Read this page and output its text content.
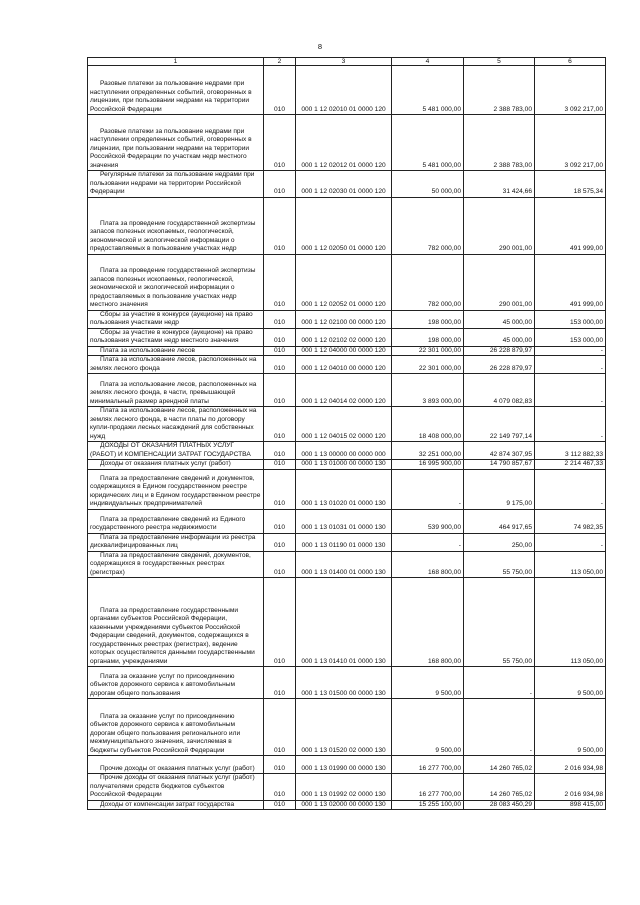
8
1	2	3	4	5	6
Разовые платежи за пользование недрами при наступлении определенных событий, оговоренных в лицензии, при пользовании недрами на территории Российской Федерации	010	000 1 12 02010 01 0000 120	5 481 000,00	2 388 783,00	3 092 217,00
Разовые платежи за пользование недрами при наступлении определенных событий, оговоренных в лицензии, при пользовании недрами на территории Российской Федерации по участкам недр местного значения	010	000 1 12 02012 01 0000 120	5 481 000,00	2 388 783,00	3 092 217,00
Регулярные платежи за пользование недрами при пользовании недрами на территории Российской Федерации	010	000 1 12 02030 01 0000 120	50 000,00	31 424,66	18 575,34
Плата за проведение государственной экспертизы запасов полезных ископаемых, геологической, экономической и экологической информации о предоставляемых в пользование участках недр	010	000 1 12 02050 01 0000 120	782 000,00	290 001,00	491 999,00
Плата за проведение государственной экспертизы запасов полезных ископаемых, геологической, экономической и экологической информации о предоставляемых в пользование участках недр местного значения	010	000 1 12 02052 01 0000 120	782 000,00	290 001,00	491 999,00
Сборы за участие в конкурсе (аукционе) на право пользования участками недр	010	000 1 12 02100 00 0000 120	198 000,00	45 000,00	153 000,00
Сборы за участие в конкурсе (аукционе) на право пользования участками недр местного значения	010	000 1 12 02102 02 0000 120	198 000,00	45 000,00	153 000,00
Плата за использование лесов	010	000 1 12 04000 00 0000 120	22 301 000,00	26 228 879,97	-
Плата за использование лесов, расположенных на землях лесного фонда	010	000 1 12 04010 00 0000 120	22 301 000,00	26 228 879,97	-
Плата за использование лесов, расположенных на землях лесного фонда, в части, превышающей минимальный размер арендной платы	010	000 1 12 04014 02 0000 120	3 893 000,00	4 079 082,83	-
Плата за использование лесов, расположенных на землях лесного фонда, в части платы по договору купли-продажи лесных насаждений для собственных нужд	010	000 1 12 04015 02 0000 120	18 408 000,00	22 149 797,14	-
ДОХОДЫ ОТ ОКАЗАНИЯ ПЛАТНЫХ УСЛУГ (РАБОТ) И КОМПЕНСАЦИИ ЗАТРАТ ГОСУДАРСТВА	010	000 1 13 00000 00 0000 000	32 251 000,00	42 874 307,95	3 112 882,33
Доходы от оказания платных услуг (работ)	010	000 1 13 01000 00 0000 130	16 995 900,00	14 790 857,67	2 214 467,33
Плата за предоставление сведений и документов, содержащихся в Едином государственном реестре юридических лиц и в Едином государственном реестре индивидуальных предпринимателей	010	000 1 13 01020 01 0000 130	-	9 175,00	-
Плата за предоставление сведений из Единого государственного реестра недвижимости	010	000 1 13 01031 01 0000 130	539 900,00	464 917,65	74 982,35
Плата за предоставление информации из реестра дисквалифицированных лиц	010	000 1 13 01190 01 0000 130	-	250,00	-
Плата за предоставление сведений, документов, содержащихся в государственных реестрах (регистрах)	010	000 1 13 01400 01 0000 130	168 800,00	55 750,00	113 050,00
Плата за предоставление государственными органами субъектов Российской Федерации, казенными учреждениями субъектов Российской Федерации сведений, документов, содержащихся в государственных реестрах (регистрах), ведение которых осуществляется данными государственными органами, учреждениями	010	000 1 13 01410 01 0000 130	168 800,00	55 750,00	113 050,00
Плата за оказание услуг по присоединению объектов дорожного сервиса к автомобильным дорогам общего пользования	010	000 1 13 01500 00 0000 130	9 500,00	-	9 500,00
Плата за оказание услуг по присоединению объектов дорожного сервиса к автомобильным дорогам общего пользования регионального или межмуниципального значения, зачисляемая в бюджеты субъектов Российской Федерации	010	000 1 13 01520 02 0000 130	9 500,00	-	9 500,00
Прочие доходы от оказания платных услуг (работ)	010	000 1 13 01990 00 0000 130	16 277 700,00	14 260 765,02	2 016 934,98
Прочие доходы от оказания платных услуг (работ) получателями средств бюджетов субъектов Российской Федерации	010	000 1 13 01992 02 0000 130	16 277 700,00	14 260 765,02	2 016 934,98
Доходы от компенсации затрат государства	010	000 1 13 02000 00 0000 130	15 255 100,00	28 083 450,29	898 415,00
